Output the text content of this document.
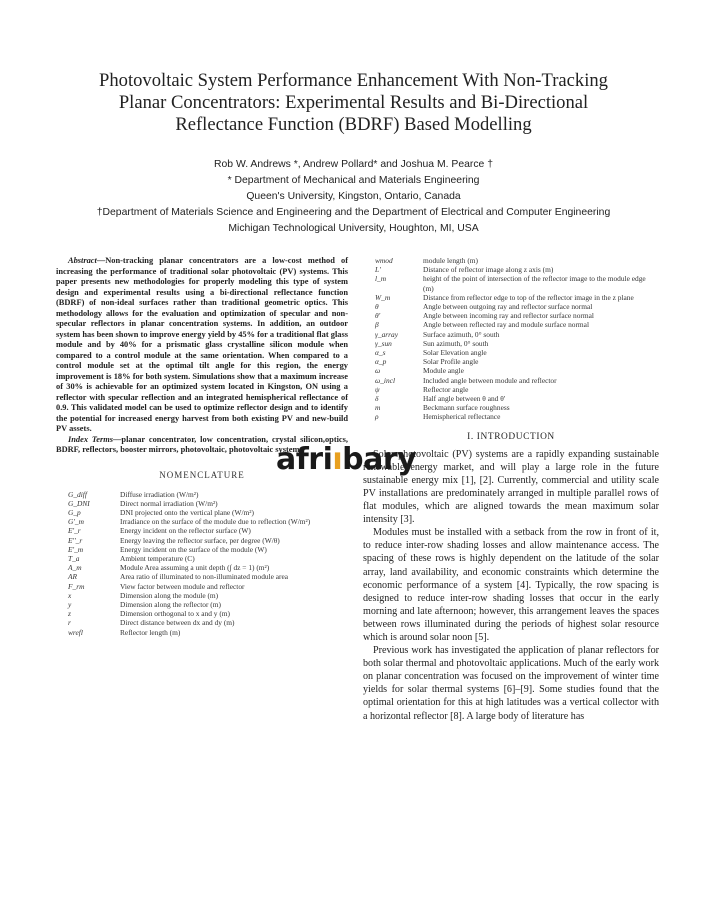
Photovoltaic System Performance Enhancement With Non-Tracking
Planar Concentrators: Experimental Results and Bi-Directional
Reflectance Function (BDRF) Based Modelling
Rob W. Andrews *, Andrew Pollard* and Joshua M. Pearce †
* Department of Mechanical and Materials Engineering
Queen's University, Kingston, Ontario, Canada
†Department of Materials Science and Engineering and the Department of Electrical and Computer Engineering
Michigan Technological University, Houghton, MI, USA
Abstract—Non-tracking planar concentrators are a low-cost method of increasing the performance of traditional solar photovoltaic (PV) systems. This paper presents new methodologies for properly modeling this type of system design and experimental results using a bi-directional reflectance function (BDRF) of non-ideal surfaces rather than traditional geometric optics. This methodology allows for the evaluation and optimization of specular and non-specular reflectors in planar concentration systems. In addition, an outdoor system has been shown to improve energy yield by 45% for a traditional flat glass module and by 40% for a prismatic glass crystalline silicon module when compared to a control module at the same orientation. When compared to a control module set at the optimal tilt angle for this region, the energy improvement is 18% for both system. Simulations show that a maximum increase of 30% is achievable for an optimized system located in Kingston, ON using a reflector with specular reflection and an integrated hemispherical reflectance of 0.9. This validated model can be used to optimize reflector design and to identify the potential for increased energy harvest from both existing PV and new-build PV assets.
Index Terms—planar concentrator, low concentration, crystal silicon,optics, BDRF, reflectors, booster mirrors, photovoltaic, photovoltaic system
NOMENCLATURE
G_diff	Diffuse irradiation (W/m²)
G_DNI	Direct normal irradiation (W/m²)
G_p	DNI projected onto the vertical plane (W/m²)
G'_m	Irradiance on the surface of the module due to reflection (W/m²)
E'_r	Energy incident on the reflector surface (W)
E''_r	Energy leaving the reflector surface, per degree (W/θ)
E'_m	Energy incident on the surface of the module (W)
T_a	Ambient temperature (C)
A_m	Module Area assuming a unit depth (∫ dz = 1) (m²)
AR	Area ratio of illuminated to non-illuminated module area
F_rm	View factor between module and reflector
x	Dimension along the module (m)
y	Dimension along the reflector (m)
z	Dimension orthogonal to x and y (m)
r	Direct distance between dx and dy (m)
wrefl	Reflector length (m)
wmod	module length (m)
L'	Distance of reflector image along z axis (m)
l_m	height of the point of intersection of the reflector image to the module edge (m)
W_m	Distance from reflector edge to top of the reflector image in the z plane
θ	Angle between outgoing ray and reflector surface normal
θ'	Angle between incoming ray and reflector surface normal
β	Angle between reflected ray and module surface normal
γ_array	Surface azimuth, 0° south
γ_sun	Sun azimuth, 0° south
α_s	Solar Elevation angle
α_p	Solar Profile angle
ω	Module angle
ω_incl	Included angle between module and reflector
ψ	Reflector angle
δ	Half angle between θ and θ'
m	Beckmann surface roughness
ρ	Hemispherical reflectance
I. INTRODUCTION

Solar photovoltaic (PV) systems are a rapidly expanding sustainable renewable energy market, and will play a large role in the future sustainable energy mix [1], [2]. Currently, commercial and utility scale PV installations are predominately arranged in multiple parallel rows of flat modules, which are aligned towards the mean maximum solar intensity [3].

Modules must be installed with a setback from the row in front of it, to reduce inter-row shading losses and allow maintenance access. The spacing of these rows is highly dependent on the latitude of the solar array, land availability, and economic constraints which determine the economic performance of a system [4]. Typically, the row spacing is designed to reduce inter-row shading losses that occur in the early morning and late afternoon; however, this arrangement leaves the spaces between rows illuminated during the periods of highest solar resource which is around solar noon [5].

Previous work has investigated the application of planar reflectors for both solar thermal and photovoltaic applications. Much of the early work on planar concentration was focused on the improvement of winter time yields for solar thermal systems [6]–[9]. Some studies found that the optimal orientation for this at high latitudes was a vertical collector with a horizontal reflector [8]. A large body of literature has

afriıbary
